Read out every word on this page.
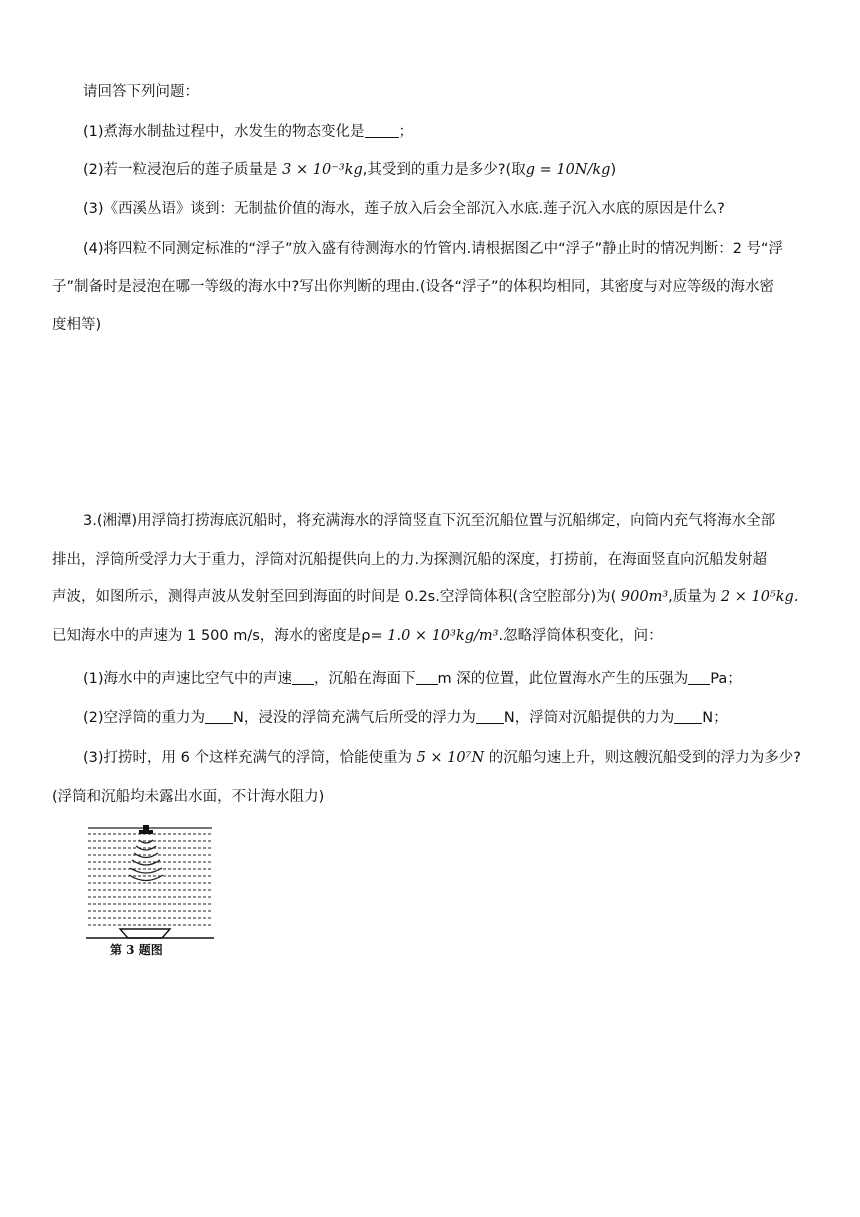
请回答下列问题：
(1)煮海水制盐过程中，水发生的物态变化是 ；
(2)若一粒浸泡后的莲子质量是 3 × 10⁻³kg,其受到的重力是多少?(取g = 10N/kg)
(3)《西溪丛语》谈到：无制盐价值的海水，莲子放入后会全部沉入水底.莲子沉入水底的原因是什么?
(4)将四粒不同测定标准的“浮子”放入盛有待测海水的竹管内.请根据图乙中“浮子”静止时的情况判断：2 号“浮
子”制备时是浸泡在哪一等级的海水中?写出你判断的理由.(设各“浮子”的体积均相同，其密度与对应等级的海水密
度相等)
3.(湘潭)用浮筒打捞海底沉船时，将充满海水的浮筒竖直下沉至沉船位置与沉船绑定，向筒内充气将海水全部
排出，浮筒所受浮力大于重力，浮筒对沉船提供向上的力.为探测沉船的深度，打捞前，在海面竖直向沉船发射超
声波，如图所示，测得声波从发射至回到海面的时间是 0.2s.空浮筒体积(含空腔部分)为( 900m³,质量为 2 × 10⁵kg.
已知海水中的声速为 1 500 m/s，海水的密度是ρ= 1.0 × 10³kg/m³.忽略浮筒体积变化，问：
(1)海水中的声速比空气中的声速 ，沉船在海面下 m 深的位置，此位置海水产生的压强为 Pa；
(2)空浮筒的重力为 N，浸没的浮筒充满气后所受的浮力为 N，浮筒对沉船提供的力为 N；
(3)打捞时，用 6 个这样充满气的浮筒，恰能使重为 5 × 10⁷N 的沉船匀速上升，则这艘沉船受到的浮力为多少?
(浮筒和沉船均未露出水面，不计海水阻力)
第 3 题图
